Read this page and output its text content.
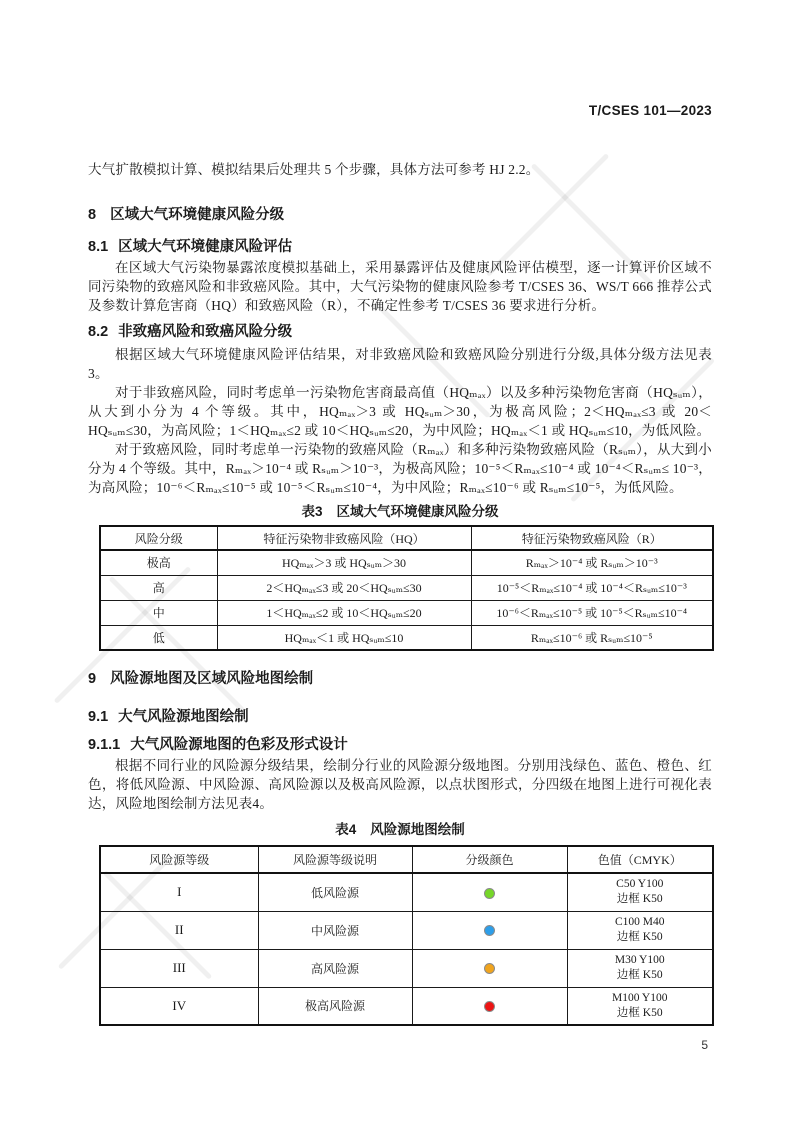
T/CSES 101—2023

大气扩散模拟计算、模拟结果后处理共 5 个步骤，具体方法可参考 HJ 2.2。

8 区域大气环境健康风险分级
8.1 区域大气环境健康风险评估

在区域大气污染物暴露浓度模拟基础上，采用暴露评估及健康风险评估模型，逐一计算评价区域不同污染物的致癌风险和非致癌风险。其中，大气污染物的健康风险参考 T/CSES 36、WS/T 666 推荐公式及参数计算危害商（HQ）和致癌风险（R），不确定性参考 T/CSES 36 要求进行分析。

8.2 非致癌风险和致癌风险分级

根据区域大气环境健康风险评估结果，对非致癌风险和致癌风险分别进行分级,具体分级方法见表3。

对于非致癌风险，同时考虑单一污染物危害商最高值（HQₘₐₓ）以及多种污染物危害商（HQₛᵤₘ），从大到小分为 4 个等级。其中，HQₘₐₓ＞3 或 HQₛᵤₘ＞30，为极高风险；2＜HQₘₐₓ≤3 或 20＜HQₛᵤₘ≤30，为高风险；1＜HQₘₐₓ≤2 或 10＜HQₛᵤₘ≤20，为中风险；HQₘₐₓ＜1 或 HQₛᵤₘ≤10，为低风险。

对于致癌风险，同时考虑单一污染物的致癌风险（Rₘₐₓ）和多种污染物致癌风险（Rₛᵤₘ），从大到小分为 4 个等级。其中，Rₘₐₓ＞10⁻⁴ 或 Rₛᵤₘ＞10⁻³，为极高风险；10⁻⁵＜Rₘₐₓ≤10⁻⁴ 或 10⁻⁴＜Rₛᵤₘ≤ 10⁻³，为高风险；10⁻⁶＜Rₘₐₓ≤10⁻⁵ 或 10⁻⁵＜Rₛᵤₘ≤10⁻⁴，为中风险；Rₘₐₓ≤10⁻⁶ 或 Rₛᵤₘ≤10⁻⁵，为低风险。

表3 区域大气环境健康风险分级
风险分级	特征污染物非致癌风险（HQ）	特征污染物致癌风险（R）
极高	HQₘₐₓ＞3 或 HQₛᵤₘ＞30	Rₘₐₓ＞10⁻⁴ 或 Rₛᵤₘ＞10⁻³
高	2＜HQₘₐₓ≤3 或 20＜HQₛᵤₘ≤30	10⁻⁵＜Rₘₐₓ≤10⁻⁴ 或 10⁻⁴＜Rₛᵤₘ≤10⁻³
中	1＜HQₘₐₓ≤2 或 10＜HQₛᵤₘ≤20	10⁻⁶＜Rₘₐₓ≤10⁻⁵ 或 10⁻⁵＜Rₛᵤₘ≤10⁻⁴
低	HQₘₐₓ＜1 或 HQₛᵤₘ≤10	Rₘₐₓ≤10⁻⁶ 或 Rₛᵤₘ≤10⁻⁵
9 风险源地图及区域风险地图绘制
9.1 大气风险源地图绘制
9.1.1 大气风险源地图的色彩及形式设计

根据不同行业的风险源分级结果，绘制分行业的风险源分级地图。分别用浅绿色、蓝色、橙色、红色，将低风险源、中风险源、高风险源以及极高风险源，以点状图形式，分四级在地图上进行可视化表达，风险地图绘制方法见表4。

表4 风险源地图绘制
风险源等级	风险源等级说明	分级颜色	色值（CMYK）
I	低风险源		C50 Y100
边框 K50

II	中风险源		C100 M40
边框 K50

III	高风险源		M30 Y100
边框 K50

IV	极高风险源		M100 Y100
边框 K50
5
